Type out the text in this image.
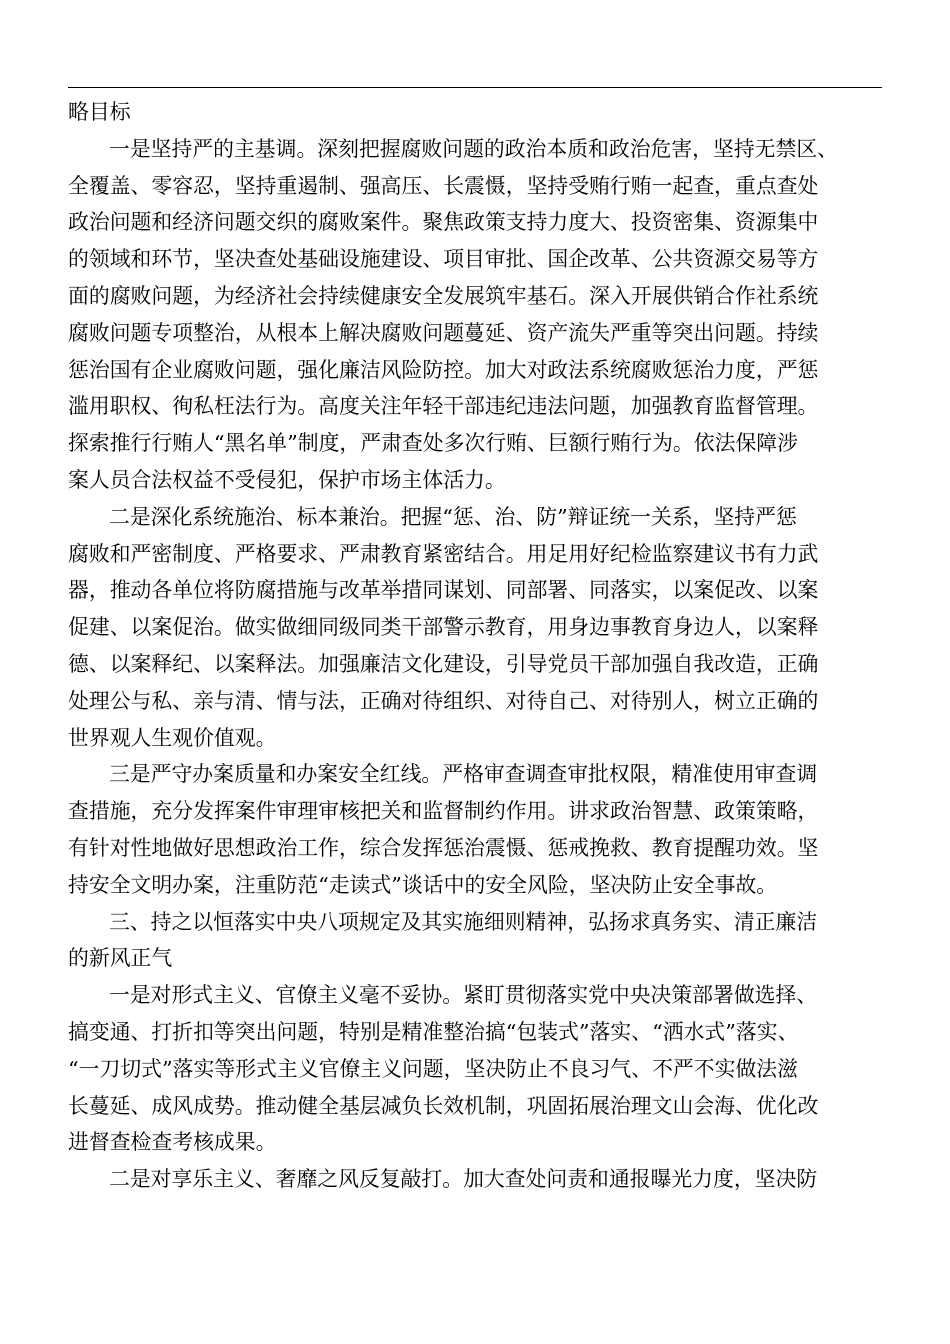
略目标
一是坚持严的主基调。深刻把握腐败问题的政治本质和政治危害，坚持无禁区、
全覆盖、零容忍，坚持重遏制、强高压、长震慑，坚持受贿行贿一起查，重点查处
政治问题和经济问题交织的腐败案件。聚焦政策支持力度大、投资密集、资源集中
的领域和环节，坚决查处基础设施建设、项目审批、国企改革、公共资源交易等方
面的腐败问题，为经济社会持续健康安全发展筑牢基石。深入开展供销合作社系统
腐败问题专项整治，从根本上解决腐败问题蔓延、资产流失严重等突出问题。持续
惩治国有企业腐败问题，强化廉洁风险防控。加大对政法系统腐败惩治力度，严惩
滥用职权、徇私枉法行为。高度关注年轻干部违纪违法问题，加强教育监督管理。
探索推行行贿人“黑名单”制度，严肃查处多次行贿、巨额行贿行为。依法保障涉
案人员合法权益不受侵犯，保护市场主体活力。
二是深化系统施治、标本兼治。把握“惩、治、防”辩证统一关系，坚持严惩
腐败和严密制度、严格要求、严肃教育紧密结合。用足用好纪检监察建议书有力武
器，推动各单位将防腐措施与改革举措同谋划、同部署、同落实，以案促改、以案
促建、以案促治。做实做细同级同类干部警示教育，用身边事教育身边人，以案释
德、以案释纪、以案释法。加强廉洁文化建设，引导党员干部加强自我改造，正确
处理公与私、亲与清、情与法，正确对待组织、对待自己、对待别人，树立正确的
世界观人生观价值观。
三是严守办案质量和办案安全红线。严格审查调查审批权限，精准使用审查调
查措施，充分发挥案件审理审核把关和监督制约作用。讲求政治智慧、政策策略，
有针对性地做好思想政治工作，综合发挥惩治震慑、惩戒挽救、教育提醒功效。坚
持安全文明办案，注重防范“走读式”谈话中的安全风险，坚决防止安全事故。
三、持之以恒落实中央八项规定及其实施细则精神，弘扬求真务实、清正廉洁
的新风正气
一是对形式主义、官僚主义毫不妥协。紧盯贯彻落实党中央决策部署做选择、
搞变通、打折扣等突出问题，特别是精准整治搞“包装式”落实、“洒水式”落实、
“一刀切式”落实等形式主义官僚主义问题，坚决防止不良习气、不严不实做法滋
长蔓延、成风成势。推动健全基层减负长效机制，巩固拓展治理文山会海、优化改
进督查检查考核成果。
二是对享乐主义、奢靡之风反复敲打。加大查处问责和通报曝光力度，坚决防
